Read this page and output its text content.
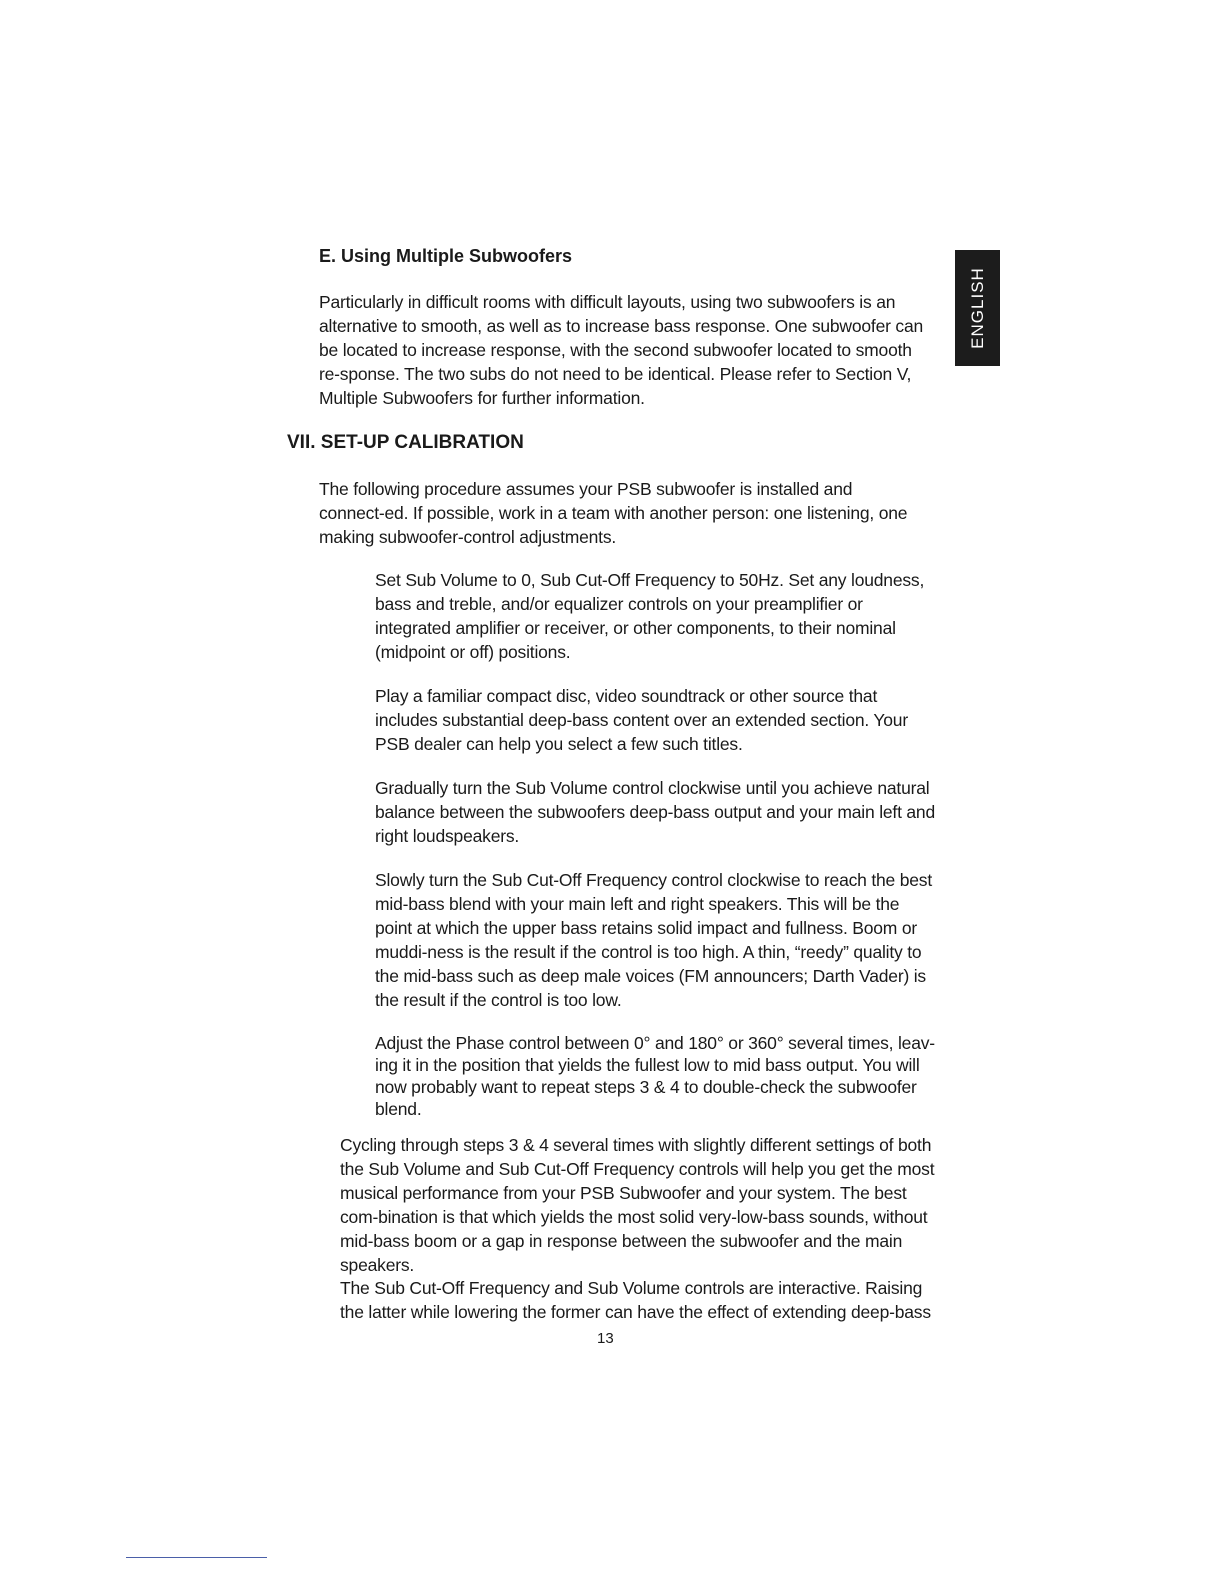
ENGLISH
E. Using Multiple Subwoofers

Particularly in difficult rooms with difficult layouts, using two subwoofers is an alternative to smooth, as well as to increase bass response. One subwoofer can be located to increase response, with the second subwoofer located to smooth re-sponse. The two subs do not need to be identical. Please refer to Section V, Multiple Subwoofers for further information.

VII. SET-UP CALIBRATION

The following procedure assumes your PSB subwoofer is installed and connect-ed. If possible, work in a team with another person: one listening, one making subwoofer-control adjustments.

Set Sub Volume to 0, Sub Cut-Off Frequency to 50Hz. Set any loudness, bass and treble, and/or equalizer controls on your preamplifier or integrated amplifier or receiver, or other components, to their nominal (midpoint or off) positions.
Play a familiar compact disc, video soundtrack or other source that includes substantial deep-bass content over an extended section. Your PSB dealer can help you select a few such titles.
Gradually turn the Sub Volume control clockwise until you achieve natural balance between the subwoofers deep-bass output and your main left and right loudspeakers.
Slowly turn the Sub Cut-Off Frequency control clockwise to reach the best mid-bass blend with your main left and right speakers. This will be the point at which the upper bass retains solid impact and fullness. Boom or muddi-ness is the result if the control is too high. A thin, “reedy” quality to the mid-bass such as deep male voices (FM announcers; Darth Vader) is the result if the control is too low.
Adjust the Phase control between 0° and 180° or 360° several times, leav-ing it in the position that yields the fullest low to mid bass output. You will now probably want to repeat steps 3 & 4 to double-check the subwoofer blend.

Cycling through steps 3 & 4 several times with slightly different settings of both the Sub Volume and Sub Cut-Off Frequency controls will help you get the most musical performance from your PSB Subwoofer and your system. The best com-bination is that which yields the most solid very-low-bass sounds, without mid-bass boom or a gap in response between the subwoofer and the main speakers.

The Sub Cut-Off Frequency and Sub Volume controls are interactive. Raising the latter while lowering the former can have the effect of extending deep-bass

13
